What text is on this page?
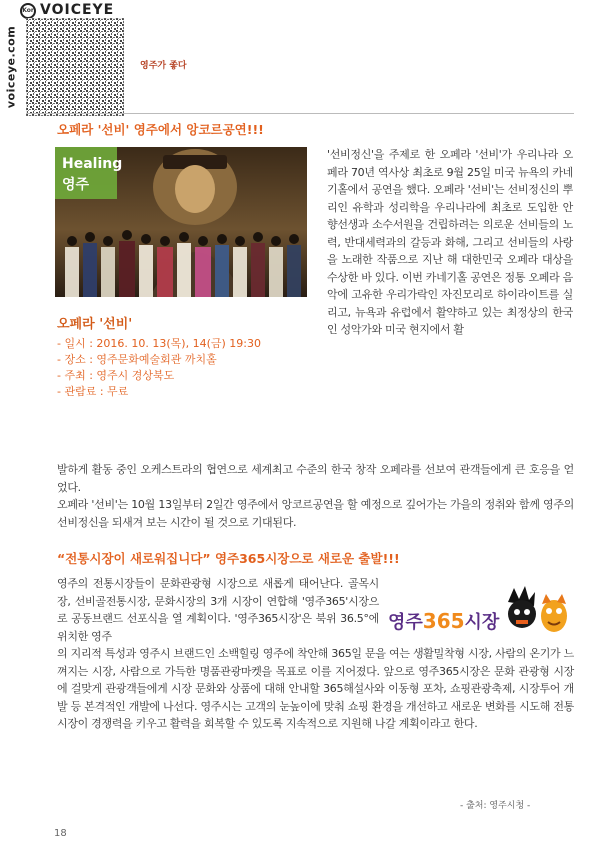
Kor VOICEYE
voiceye.com	영주가 좋다
오페라 '선비' 영주에서 앙코르공연!!!
Healing
영주
오페라 '선비'
- 일시 : 2016. 10. 13(목), 14(금) 19:30
- 장소 : 영주문화예술회관 까치홀
- 주최 : 영주시 경상북도
- 관람료 : 무료
'선비정신'을 주제로 한 오페라 '선비'가 우리나라 오페라 70년 역사상 최초로 9월 25일 미국 뉴욕의 카네기홀에서 공연을 했다. 오페라 '선비'는 선비정신의 뿌리인 유학과 성리학을 우리나라에 최초로 도입한 안향선생과 소수서원을 건립하려는 의로운 선비들의 노력, 반대세력과의 갈등과 화해, 그리고 선비들의 사랑을 노래한 작품으로 지난 해 대한민국 오페라 대상을 수상한 바 있다. 이번 카네기홀 공연은 정통 오페라 음악에 고유한 우리가락인 자진모리로 하이라이트를 실리고, 뉴욕과 유럽에서 활약하고 있는 최정상의 한국인 성악가와 미국 현지에서 활
발하게 활동 중인 오케스트라의 협연으로 세계최고 수준의 한국 창작 오페라를 선보여 관객들에게 큰 호응을 얻었다.
오페라 '선비'는 10월 13일부터 2일간 영주에서 앙코르공연을 할 예정으로 깊어가는 가을의 정취와 함께 영주의 선비정신을 되새겨 보는 시간이 될 것으로 기대된다.
“전통시장이 새로워집니다” 영주365시장으로 새로운 출발!!!
영주365시장
영주의 전통시장들이 문화관광형 시장으로 새롭게 태어난다. 골목시장, 선비골전통시장, 문화시장의 3개 시장이 연합해 '영주365'시장으로 공동브랜드 선포식을 열 계획이다. '영주365시장'은 북위 36.5°에 위치한 영주
의 지리적 특성과 영주시 브랜드인 소백힐링 영주에 착안해 365일 문을 여는 생활밀착형 시장, 사람의 온기가 느껴지는 시장, 사람으로 가득한 명품관광마켓을 목표로 이를 지어졌다. 앞으로 영주365시장은 문화 관광형 시장에 걸맞게 관광객들에게 시장 문화와 상품에 대해 안내할 365해설사와 이동형 포차, 쇼핑관광축제, 시장투어 개발 등 본격적인 개발에 나선다. 영주시는 고객의 눈높이에 맞춰 쇼핑 환경을 개선하고 새로운 변화를 시도해 전통시장이 경쟁력을 키우고 활력을 회복할 수 있도록 지속적으로 지원해 나갈 계획이라고 한다.
- 출처: 영주시청 -
18
